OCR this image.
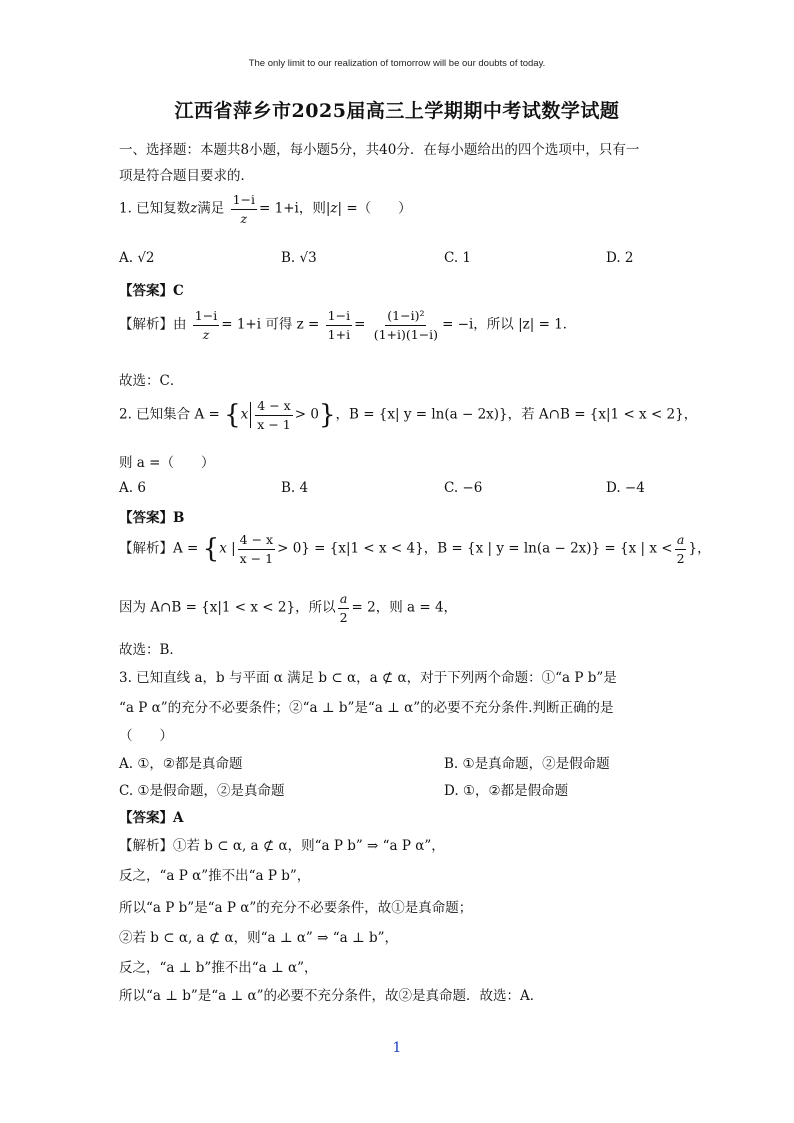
The only limit to our realization of tomorrow will be our doubts of today.
江西省萍乡市2025届高三上学期期中考试数学试题
一、选择题：本题共8小题，每小题5分，共40分．在每小题给出的四个选项中，只有一
项是符合题目要求的．
1. 已知复数z满足 $\frac{1-i}{z} = 1+i$，则|z| =（　　）
A. √2	B. √3	C. 1	D. 2
【答案】C
【解析】由 $\frac{1-i}{z} = 1+i$ 可得 $z = \frac{1-i}{1+i} = \frac{\text{(1−i)²}}{(1+i)(1-i)} = -i$，所以 |z| = 1．
故选：C．
2. 已知集合 $A = \{x \frac{4 - x}{x - 1} > 0\}$，B = {x| y = ln(a − 2x)}，若 A∩B = {x|1 < x < 2}，
则 a =（　　）
A. 6	B. 4	C. −6	D. −4
【答案】B
【解析】A = {x | $\frac{4 - x}{x - 1} > 0\} = \{x|1 < x < 4\}$，B = {x | y = ln(a − 2x)} = {x | $x < \frac{a}{2}$ }，
因为 A∩B = {x|1 < x < 2}，所以 $\frac{a}{2} = 2$，则 a = 4，
故选：B．
3. 已知直线 a，b 与平面 α 满足 b ⊂ α，a ⊄ α，对于下列两个命题：①“a P b”是
“a P α”的充分不必要条件；②“a ⊥ b”是“a ⊥ α”的必要不充分条件.判断正确的是
（　　）
A. ①，②都是真命题	B. ①是真命题，②是假命题
C. ①是假命题，②是真命题	D. ①，②都是假命题
【答案】A
【解析】①若 b ⊂ α, a ⊄ α，则“a P b” ⇒ “a P α”，
反之，“a P α”推不出“a P b”，
所以“a P b”是“a P α”的充分不必要条件，故①是真命题；
②若 b ⊂ α, a ⊄ α，则“a ⊥ α” ⇒ “a ⊥ b”，
反之，“a ⊥ b”推不出“a ⊥ α”，
所以“a ⊥ b”是“a ⊥ α”的必要不充分条件，故②是真命题．故选：A．
1
